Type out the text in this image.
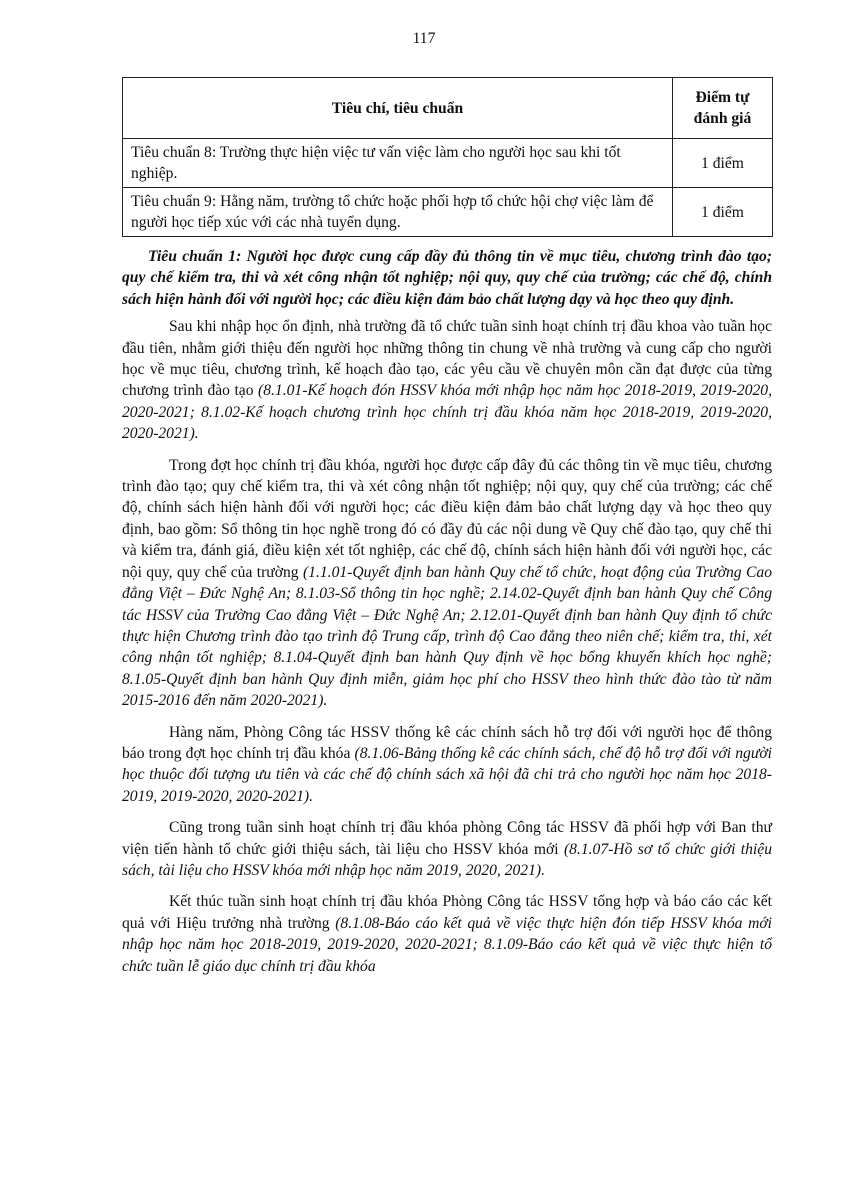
117
Tiêu chí, tiêu chuẩn	Điểm tự đánh giá
Tiêu chuẩn 8: Trường thực hiện việc tư vấn việc làm cho người học sau khi tốt nghiệp.	1 điểm
Tiêu chuẩn 9: Hằng năm, trường tổ chức hoặc phối hợp tổ chức hội chợ việc làm để người học tiếp xúc với các nhà tuyển dụng.	1 điểm

Tiêu chuẩn 1: Người học được cung cấp đầy đủ thông tin về mục tiêu, chương trình đào tạo; quy chế kiểm tra, thi và xét công nhận tốt nghiệp; nội quy, quy chế của trường; các chế độ, chính sách hiện hành đối với người học; các điều kiện đảm bảo chất lượng dạy và học theo quy định.

Sau khi nhập học ổn định, nhà trường đã tổ chức tuần sinh hoạt chính trị đầu khoa vào tuần học đầu tiên, nhằm giới thiệu đến người học những thông tin chung về nhà trường và cung cấp cho người học về mục tiêu, chương trình, kế hoạch đào tạo, các yêu cầu về chuyên môn cần đạt được của từng chương trình đào tạo (8.1.01-Kế hoạch đón HSSV khóa mới nhập học năm học 2018-2019, 2019-2020, 2020-2021; 8.1.02-Kế hoạch chương trình học chính trị đầu khóa năm học 2018-2019, 2019-2020, 2020-2021).

Trong đợt học chính trị đầu khóa, người học được cấp đây đủ các thông tin về mục tiêu, chương trình đào tạo; quy chế kiểm tra, thi và xét công nhận tốt nghiệp; nội quy, quy chế của trường; các chế độ, chính sách hiện hành đối với người học; các điều kiện đảm bảo chất lượng dạy và học theo quy định, bao gồm: Sổ thông tin học nghề trong đó có đầy đủ các nội dung về Quy chế đào tạo, quy chế thi và kiểm tra, đánh giá, điều kiện xét tốt nghiệp, các chế độ, chính sách hiện hành đối với người học, các nội quy, quy chế của trường (1.1.01-Quyết định ban hành Quy chế tổ chức, hoạt động của Trường Cao đẳng Việt – Đức Nghệ An; 8.1.03-Sổ thông tin học nghề; 2.14.02-Quyết định ban hành Quy chế Công tác HSSV của Trường Cao đẳng Việt – Đức Nghệ An; 2.12.01-Quyết định ban hành Quy định tổ chức thực hiện Chương trình đào tạo trình độ Trung cấp, trình độ Cao đẳng theo niên chế; kiểm tra, thi, xét công nhận tốt nghiệp; 8.1.04-Quyết định ban hành Quy định về học bổng khuyến khích học nghề; 8.1.05-Quyết định ban hành Quy định miễn, giảm học phí cho HSSV theo hình thức đào tào từ năm 2015-2016 đến năm 2020-2021).

Hàng năm, Phòng Công tác HSSV thống kê các chính sách hỗ trợ đối với người học để thông báo trong đợt học chính trị đầu khóa (8.1.06-Bảng thống kê các chính sách, chế độ hỗ trợ đối với người học thuộc đối tượng ưu tiên và các chế độ chính sách xã hội đã chi trả cho người học năm học 2018-2019, 2019-2020, 2020-2021).

Cũng trong tuần sinh hoạt chính trị đầu khóa phòng Công tác HSSV đã phối hợp với Ban thư viện tiến hành tổ chức giới thiệu sách, tài liệu cho HSSV khóa mới (8.1.07-Hồ sơ tổ chức giới thiệu sách, tài liệu cho HSSV khóa mới nhập học năm 2019, 2020, 2021).

Kết thúc tuần sinh hoạt chính trị đầu khóa Phòng Công tác HSSV tổng hợp và báo cáo các kết quả với Hiệu trưởng nhà trường (8.1.08-Báo cáo kết quả về việc thực hiện đón tiếp HSSV khóa mới nhập học năm học 2018-2019, 2019-2020, 2020-2021; 8.1.09-Báo cáo kết quả về việc thực hiện tổ chức tuần lễ giáo dục chính trị đầu khóa
